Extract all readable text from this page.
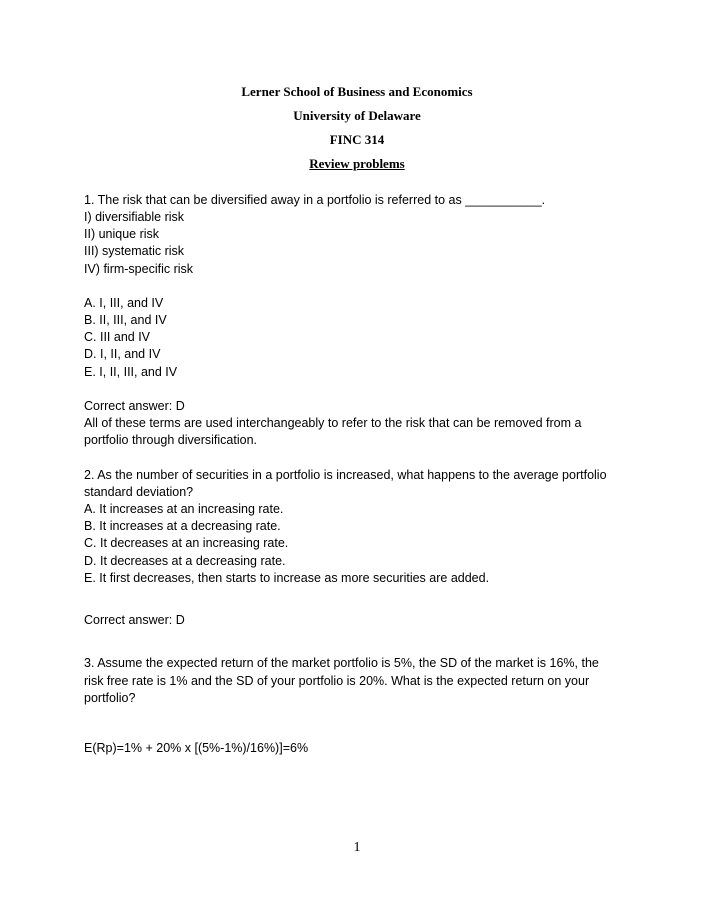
Lerner School of Business and Economics
University of Delaware
FINC 314
Review problems
1. The risk that can be diversified away in a portfolio is referred to as ___________.
I) diversifiable risk
II) unique risk
III) systematic risk
IV) firm-specific risk
A. I, III, and IV
B. II, III, and IV
C. III and IV
D. I, II, and IV
E. I, II, III, and IV
Correct answer: D
All of these terms are used interchangeably to refer to the risk that can be removed from a
portfolio through diversification.
2. As the number of securities in a portfolio is increased, what happens to the average portfolio
standard deviation?
A. It increases at an increasing rate.
B. It increases at a decreasing rate.
C. It decreases at an increasing rate.
D. It decreases at a decreasing rate.
E. It first decreases, then starts to increase as more securities are added.
Correct answer: D
3. Assume the expected return of the market portfolio is 5%, the SD of the market is 16%, the
risk free rate is 1% and the SD of your portfolio is 20%. What is the expected return on your
portfolio?
E(Rp)=1% + 20% x [(5%-1%)/16%)]=6%
1
